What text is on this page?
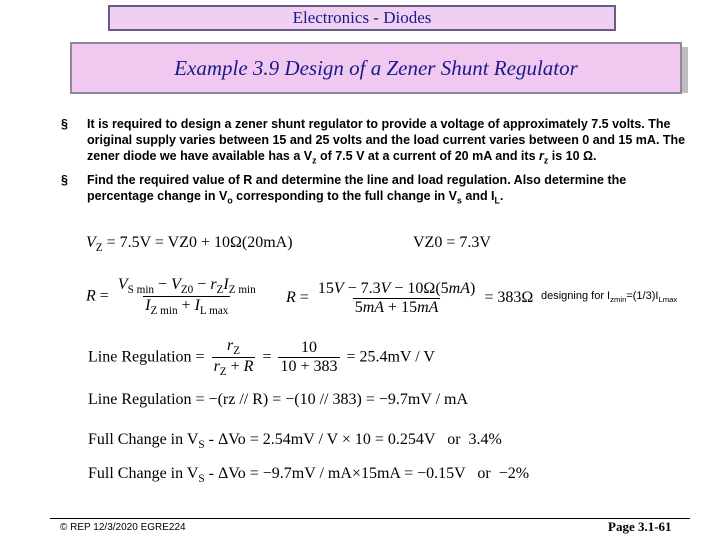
Electronics - Diodes
Example 3.9 Design of a Zener Shunt Regulator
§ It is required to design a zener shunt regulator to provide a voltage of approximately 7.5 volts. The original supply varies between 15 and 25 volts and the load current varies between 0 and 15 mA. The zener diode we have available has a $V_z$ of 7.5 V at a current of 20 mA and its $r_z$ is 10 Ω.
§ Find the required value of R and determine the line and load regulation. Also determine the percentage change in $V_o$ corresponding to the full change in $V_s$ and $I_L$.
$V_Z = 7.5V = VZ0 + 10\Omega(20mA)$	VZ0 = 7.3V
$R = \frac{V_{S min} - V_{Z0} - r_ZI_{Z min}}{I_{Z min} + I_{L max}}$ $R = \frac{15V - 7.3V - 10\Omega(5mA)}{5mA + 15mA} = 383\Omega$ designing for $I_{zmin}=(1/3)I_{Lmax}$
Line Regulation = $\frac{r_Z}{r_Z + R} = \frac{10}{10 + 383} = 25.4mV / V$
Line Regulation = −(rz // R) = −(10 // 383) = −9.7mV / mA
Full Change in $V_S - \Delta Vo = 2.54mV / V \times 10 = 0.254V$ or 3.4%
Full Change in $V_S - \Delta Vo = -9.7mV / mA\times 15mA = -0.15V$ or −2%
© REP 12/3/2020 EGRE224	Page 3.1-61
